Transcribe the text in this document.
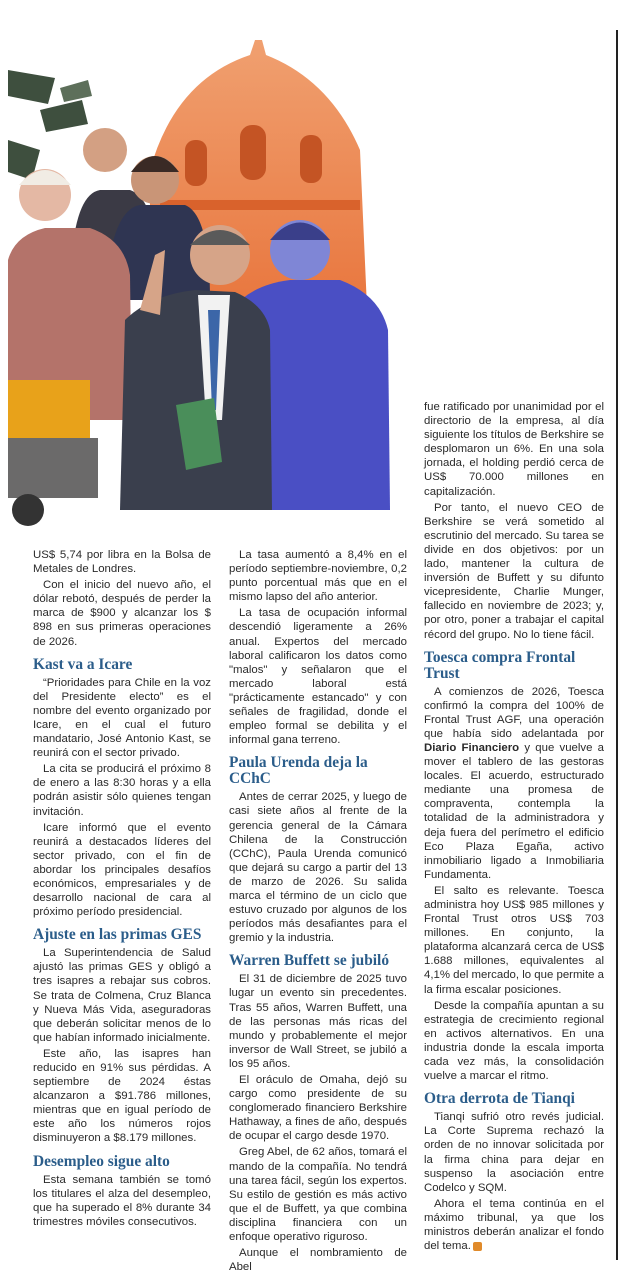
US$ 5,74 por libra en la Bolsa de Metales de Londres.

Con el inicio del nuevo año, el dólar rebotó, después de perder la marca de $900 y alcanzar los $ 898 en sus primeras operaciones de 2026.

Kast va a Icare

“Prioridades para Chile en la voz del Presidente electo” es el nombre del evento organizado por Icare, en el cual el futuro mandatario, José Antonio Kast, se reunirá con el sector privado.

La cita se producirá el próximo 8 de enero a las 8:30 horas y a ella podrán asistir sólo quienes tengan invitación.

Icare informó que el evento reunirá a destacados líderes del sector privado, con el fin de abordar los principales desafíos económicos, empresariales y de desarrollo nacional de cara al próximo período presidencial.

Ajuste en las primas GES

La Superintendencia de Salud ajustó las primas GES y obligó a tres isapres a rebajar sus cobros. Se trata de Colmena, Cruz Blanca y Nueva Más Vida, aseguradoras que deberán solicitar menos de lo que habían informado inicialmente.

Este año, las isapres han reducido en 91% sus pérdidas. A septiembre de 2024 éstas alcanzaron a $91.786 millones, mientras que en igual período de este año los números rojos disminuyeron a $8.179 millones.

Desempleo sigue alto

Esta semana también se tomó los titulares el alza del desempleo, que ha superado el 8% durante 34 trimestres móviles consecutivos.

La tasa aumentó a 8,4% en el período septiembre-noviembre, 0,2 punto porcentual más que en el mismo lapso del año anterior.

La tasa de ocupación informal descendió ligeramente a 26% anual. Expertos del mercado laboral calificaron los datos como "malos" y señalaron que el mercado laboral está "prácticamente estancado" y con señales de fragilidad, donde el empleo formal se debilita y el informal gana terreno.

Paula Urenda deja la CChC

Antes de cerrar 2025, y luego de casi siete años al frente de la gerencia general de la Cámara Chilena de la Construcción (CChC), Paula Urenda comunicó que dejará su cargo a partir del 13 de marzo de 2026. Su salida marca el término de un ciclo que estuvo cruzado por algunos de los períodos más desafiantes para el gremio y la industria.

Warren Buffett se jubiló

El 31 de diciembre de 2025 tuvo lugar un evento sin precedentes. Tras 55 años, Warren Buffett, una de las personas más ricas del mundo y probablemente el mejor inversor de Wall Street, se jubiló a los 95 años.

El oráculo de Omaha, dejó su cargo como presidente de su conglomerado financiero Berkshire Hathaway, a fines de año, después de ocupar el cargo desde 1970.

Greg Abel, de 62 años, tomará el mando de la compañía. No tendrá una tarea fácil, según los expertos. Su estilo de gestión es más activo que el de Buffett, ya que combina disciplina financiera con un enfoque operativo riguroso.

Aunque el nombramiento de Abel

fue ratificado por unanimidad por el directorio de la empresa, al día siguiente los títulos de Berkshire se desplomaron un 6%. En una sola jornada, el holding perdió cerca de US$ 70.000 millones en capitalización.

Por tanto, el nuevo CEO de Berkshire se verá sometido al escrutinio del mercado. Su tarea se divide en dos objetivos: por un lado, mantener la cultura de inversión de Buffett y su difunto vicepresidente, Charlie Munger, fallecido en noviembre de 2023; y, por otro, poner a trabajar el capital récord del grupo. No lo tiene fácil.

Toesca compra Frontal Trust

A comienzos de 2026, Toesca confirmó la compra del 100% de Frontal Trust AGF, una operación que había sido adelantada por Diario Financiero y que vuelve a mover el tablero de las gestoras locales. El acuerdo, estructurado mediante una promesa de compraventa, contempla la totalidad de la administradora y deja fuera del perímetro el edificio Eco Plaza Egaña, activo inmobiliario ligado a Inmobiliaria Fundamenta.

El salto es relevante. Toesca administra hoy US$ 985 millones y Frontal Trust otros US$ 703 millones. En conjunto, la plataforma alcanzará cerca de US$ 1.688 millones, equivalentes al 4,1% del mercado, lo que permite a la firma escalar posiciones.

Desde la compañía apuntan a su estrategia de crecimiento regional en activos alternativos. En una industria donde la escala importa cada vez más, la consolidación vuelve a marcar el ritmo.

Otra derrota de Tianqi

Tianqi sufrió otro revés judicial. La Corte Suprema rechazó la orden de no innovar solicitada por la firma china para dejar en suspenso la asociación entre Codelco y SQM.

Ahora el tema continúa en el máximo tribunal, ya que los ministros deberán analizar el fondo del tema.
